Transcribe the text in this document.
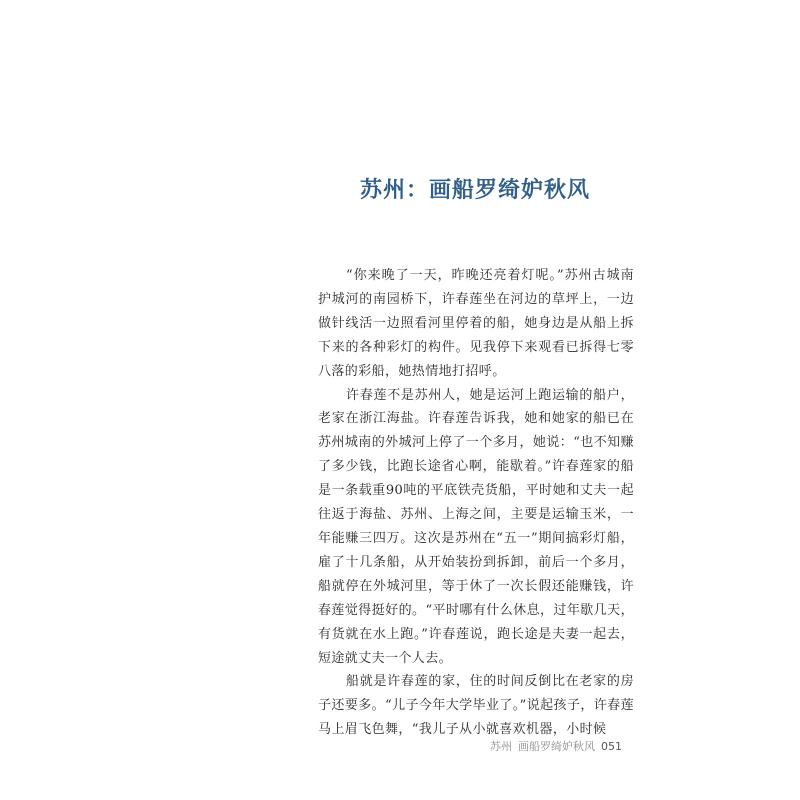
苏州：画船罗绮妒秋风

“你来晚了一天，昨晚还亮着灯呢。”苏州古城南护城河的南园桥下，许春莲坐在河边的草坪上，一边做针线活一边照看河里停着的船，她身边是从船上拆下来的各种彩灯的构件。见我停下来观看已拆得七零八落的彩船，她热情地打招呼。

许春莲不是苏州人，她是运河上跑运输的船户，老家在浙江海盐。许春莲告诉我，她和她家的船已在苏州城南的外城河上停了一个多月，她说：“也不知赚了多少钱，比跑长途省心啊，能歇着。”许春莲家的船是一条载重90吨的平底铁壳货船，平时她和丈夫一起往返于海盐、苏州、上海之间，主要是运输玉米，一年能赚三四万。这次是苏州在“五一”期间搞彩灯船，雇了十几条船，从开始装扮到拆卸，前后一个多月，船就停在外城河里，等于休了一次长假还能赚钱，许春莲觉得挺好的。“平时哪有什么休息，过年歇几天，有货就在水上跑。”许春莲说，跑长途是夫妻一起去，短途就丈夫一个人去。

船就是许春莲的家，住的时间反倒比在老家的房子还要多。“儿子今年大学毕业了。”说起孩子，许春莲马上眉飞色舞，“我儿子从小就喜欢机器，小时候

苏州 画船罗绮妒秋风 051
